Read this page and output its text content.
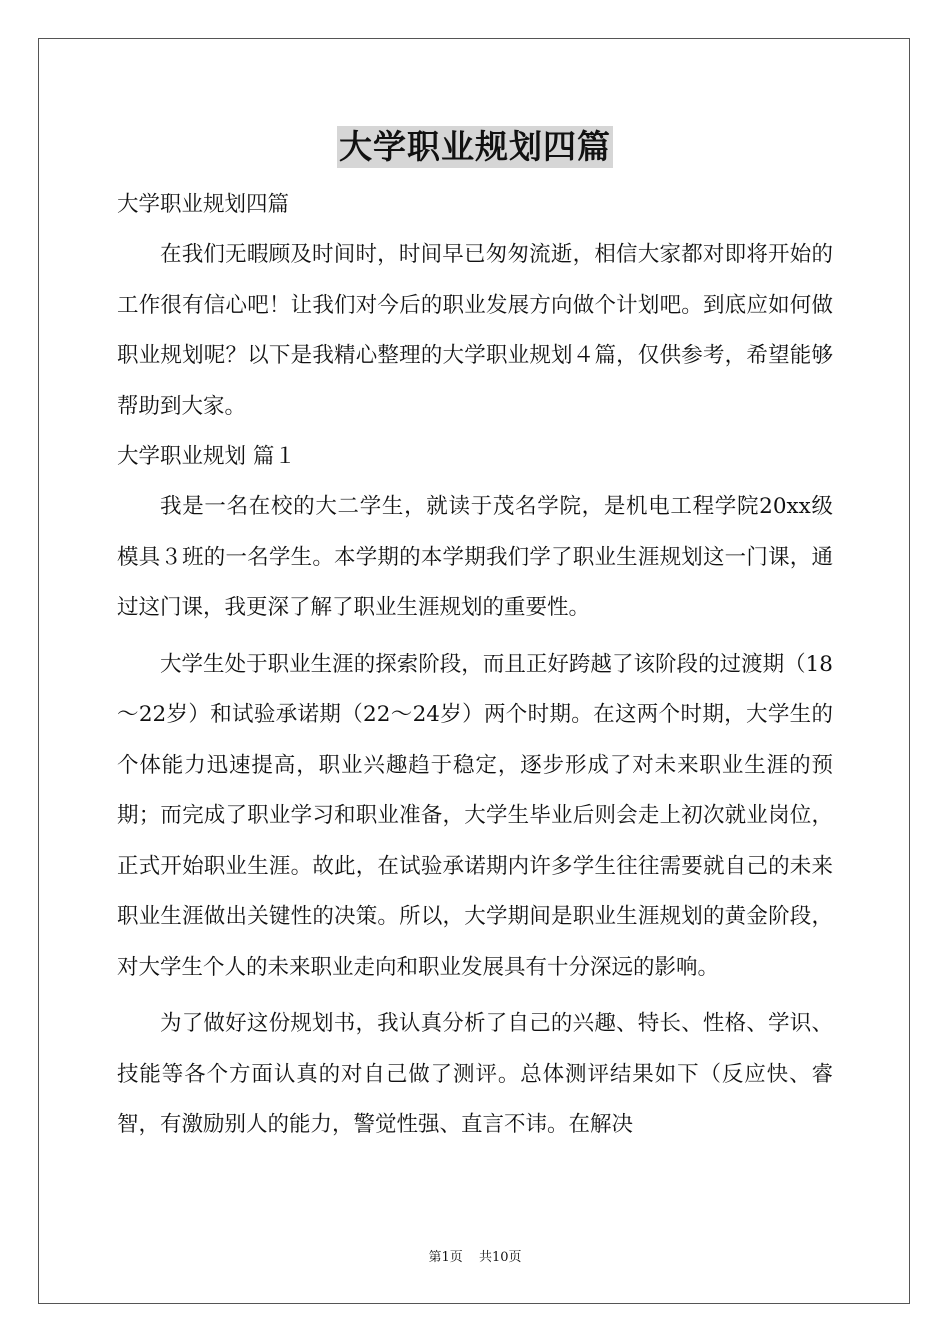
大学职业规划四篇

大学职业规划四篇

在我们无暇顾及时间时，时间早已匆匆流逝，相信大家都对即将开始的工作很有信心吧！让我们对今后的职业发展方向做个计划吧。到底应如何做职业规划呢？以下是我精心整理的大学职业规划４篇，仅供参考，希望能够帮助到大家。

大学职业规划 篇１

我是一名在校的大二学生，就读于茂名学院，是机电工程学院20xx级模具３班的一名学生。本学期的本学期我们学了职业生涯规划这一门课，通过这门课，我更深了解了职业生涯规划的重要性。

大学生处于职业生涯的探索阶段，而且正好跨越了该阶段的过渡期（18～22岁）和试验承诺期（22～24岁）两个时期。在这两个时期，大学生的个体能力迅速提高，职业兴趣趋于稳定，逐步形成了对未来职业生涯的预期；而完成了职业学习和职业准备，大学生毕业后则会走上初次就业岗位，正式开始职业生涯。故此，在试验承诺期内许多学生往往需要就自己的未来职业生涯做出关键性的决策。所以，大学期间是职业生涯规划的黄金阶段，对大学生个人的未来职业走向和职业发展具有十分深远的影响。

为了做好这份规划书，我认真分析了自己的兴趣、特长、性格、学识、技能等各个方面认真的对自己做了测评。总体测评结果如下（反应快、睿智，有激励别人的能力，警觉性强、直言不讳。在解决

第1页 共10页
